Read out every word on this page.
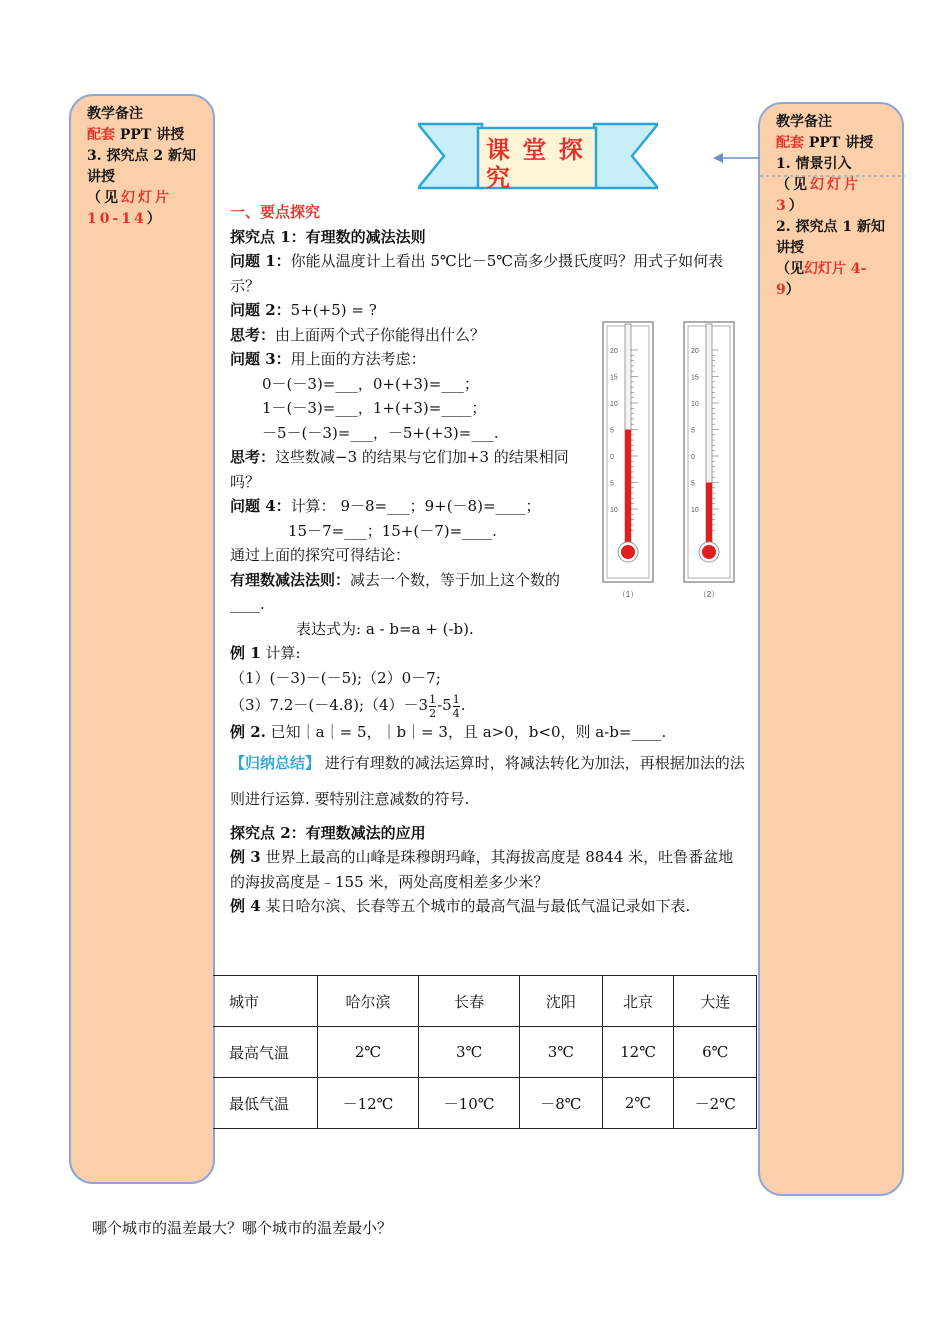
教学备注
配套 PPT 讲授
3. 探究点 2 新知讲授
（见幻灯片 10-14）
教学备注
配套 PPT 讲授
1. 情景引入
（见幻灯片 3）
2. 探究点 1 新知讲授
（见幻灯片 4-9）
课 堂 探 究
20
15
10
5
0
5
10
（1）
20
15
10
5
0
5
10
（2）
一、要点探究
探究点 1：有理数的减法法则
问题 1：你能从温度计上看出 5℃比－5℃高多少摄氏度吗？用式子如何表示？
问题 2：5+(+5) = ?
思考：由上面两个式子你能得出什么？
问题 3：用上面的方法考虑：
0－(－3)=___，0+(+3)=___；
1－(－3)=___，1+(+3)=____；
－5－(－3)=___，－5+(+3)=___.
思考：这些数减−3 的结果与它们加+3 的结果相同吗？
问题 4：计算： 9－8=___；9+(－8)=____；
15－7=___；15+(－7)=____.
通过上面的探究可得结论：
有理数减法法则：减去一个数，等于加上这个数的____.
表达式为: a - b=a + (-b).
例 1 计算:
（1）(－3)－(－5);（2）0－7;
（3）7.2－(－4.8);（4）－3 $\frac{1}{2} -5 \frac{1}{4}$ .
例 2. 已知｜a｜= 5，｜b｜= 3，且 a>0，b<0，则 a-b=____.
【归纳总结】 进行有理数的减法运算时，将减法转化为加法，再根据加法的法则进行运算. 要特别注意减数的符号.
探究点 2：有理数减法的应用
例 3 世界上最高的山峰是珠穆朗玛峰，其海拔高度是 8844 米，吐鲁番盆地的海拔高度是﹣155 米，两处高度相差多少米？
例 4 某日哈尔滨、长春等五个城市的最高气温与最低气温记录如下表.
城市	哈尔滨	长春	沈阳	北京	大连
最高气温	2℃	3℃	3℃	12℃	6℃
最低气温	－12℃	－10℃	－8℃	2℃	－2℃
哪个城市的温差最大？哪个城市的温差最小？
